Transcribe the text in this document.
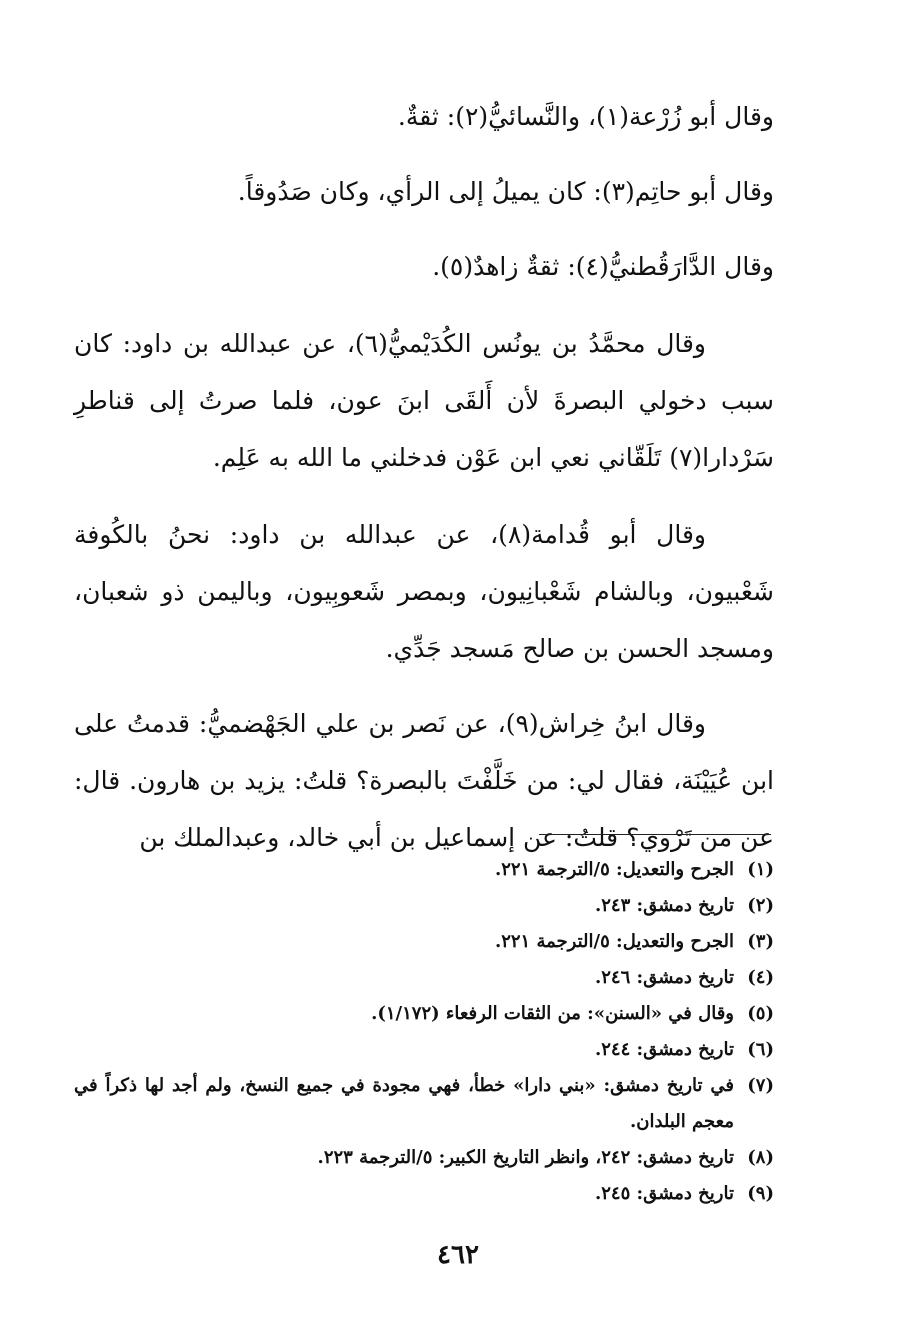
وقال أبو زُرْعة(١)، والنَّسائيُّ(٢): ثقةٌ.

وقال أبو حاتِم(٣): كان يميلُ إلى الرأي، وكان صَدُوقاً.

وقال الدَّارَقُطنيُّ(٤): ثقةٌ زاهدٌ(٥).

وقال محمَّدُ بن يونُس الكُدَيْميُّ(٦)، عن عبدالله بن داود: كان سبب دخولي البصرةَ لأن أَلقَى ابنَ عون، فلما صرتُ إلى قناطرِ سَرْدارا(٧) تَلَقّاني نعي ابن عَوْن فدخلني ما الله به عَلِم.

وقال أبو قُدامة(٨)، عن عبدالله بن داود: نحنُ بالكُوفة شَعْبيون، وبالشام شَعْبانِيون، وبمصر شَعوبِيون، وباليمن ذو شعبان، ومسجد الحسن بن صالح مَسجد جَدِّي.

وقال ابنُ خِراش(٩)، عن نَصر بن علي الجَهْضميُّ: قدمتُ على ابن عُيَيْنَة، فقال لي: من خَلَّفْتَ بالبصرة؟ قلتُ: يزيد بن هارون. قال: عن من تَرْوي؟ قلتُ: عن إسماعيل بن أبي خالد، وعبدالملك بن

(١)
الجرح والتعديل: ٥/الترجمة ٢٢١.

(٢)
تاريخ دمشق: ٢٤٣.

(٣)
الجرح والتعديل: ٥/الترجمة ٢٢١.

(٤)
تاريخ دمشق: ٢٤٦.

(٥)
وقال في «السنن»: من الثقات الرفعاء (١/١٧٢).

(٦)
تاريخ دمشق: ٢٤٤.

(٧)
في تاريخ دمشق: «بني دارا» خطأ، فهي مجودة في جميع النسخ، ولم أجد لها ذكراً في معجم البلدان.

(٨)
تاريخ دمشق: ٢٤٢، وانظر التاريخ الكبير: ٥/الترجمة ٢٢٣.

(٩)
تاريخ دمشق: ٢٤٥.

٤٦٢
